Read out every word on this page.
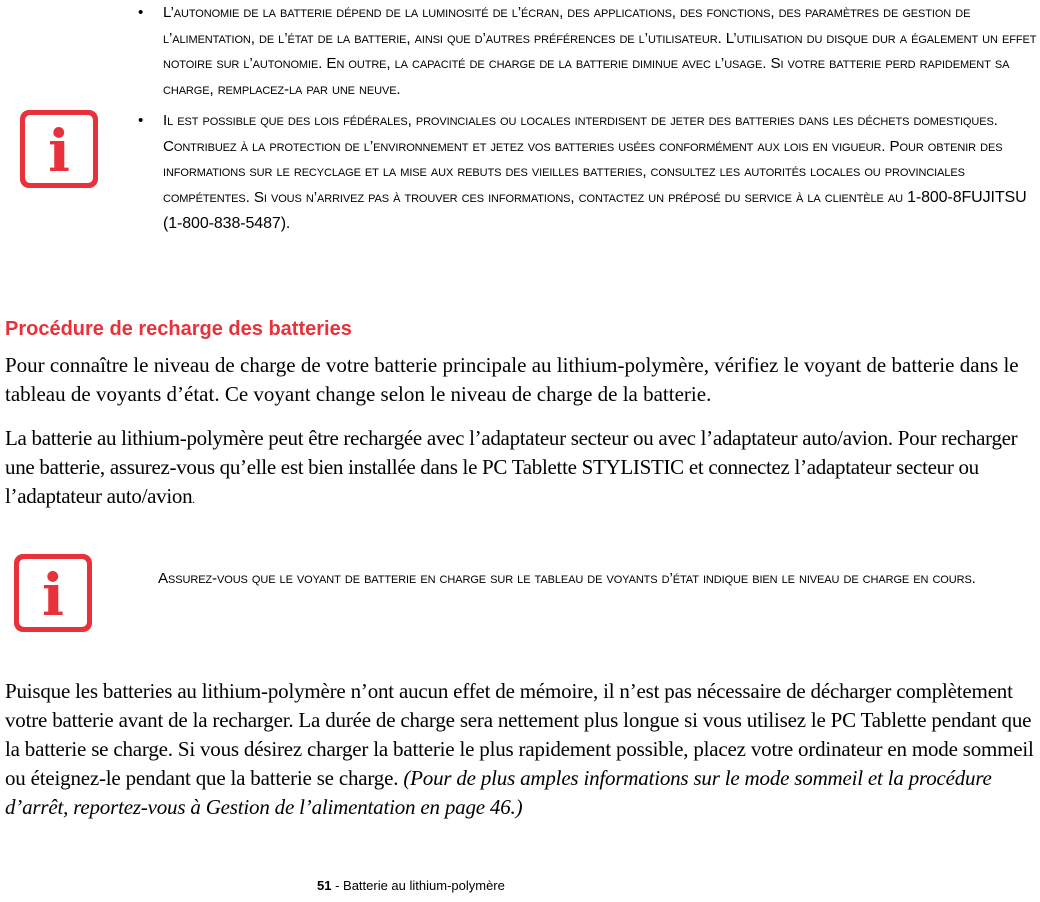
i

• L’autonomie de la batterie dépend de la luminosité de l’écran, des applications, des fonctions, des paramètres de gestion de l’alimentation, de l’état de la batterie, ainsi que d’autres préférences de l’utilisateur. L’utilisation du disque dur a également un effet notoire sur l’autonomie. En outre, la capacité de charge de la batterie diminue avec l’usage. Si votre batterie perd rapidement sa charge, remplacez-la par une neuve.

• Il est possible que des lois fédérales, provinciales ou locales interdisent de jeter des batteries dans les déchets domestiques. Contribuez à la protection de l’environnement et jetez vos batteries usées conformément aux lois en vigueur. Pour obtenir des informations sur le recyclage et la mise aux rebuts des vieilles batteries, consultez les autorités locales ou provinciales compétentes. Si vous n’arrivez pas à trouver ces informations, contactez un préposé du service à la clientèle au 1-800-8FUJITSU (1-800-838-5487).

Procédure de recharge des batteries

Pour connaître le niveau de charge de votre batterie principale au lithium-polymère, vérifiez le voyant de batterie dans le tableau de voyants d’état. Ce voyant change selon le niveau de charge de la batterie.

La batterie au lithium-polymère peut être rechargée avec l’adaptateur secteur ou avec l’adaptateur auto/avion. Pour recharger une batterie, assurez-vous qu’elle est bien installée dans le PC Tablette STYLISTIC et connectez l’adaptateur secteur ou l’adaptateur auto/avion.

i	Assurez-vous que le voyant de batterie en charge sur le tableau de voyants d’état indique bien le niveau de charge en cours.

Puisque les batteries au lithium-polymère n’ont aucun effet de mémoire, il n’est pas nécessaire de décharger complètement votre batterie avant de la recharger. La durée de charge sera nettement plus longue si vous utilisez le PC Tablette pendant que la batterie se charge. Si vous désirez charger la batterie le plus rapidement possible, placez votre ordinateur en mode sommeil ou éteignez-le pendant que la batterie se charge. (Pour de plus amples informations sur le mode sommeil et la procédure d’arrêt, reportez-vous à Gestion de l’alimentation en page 46.)

51 - Batterie au lithium-polymère
